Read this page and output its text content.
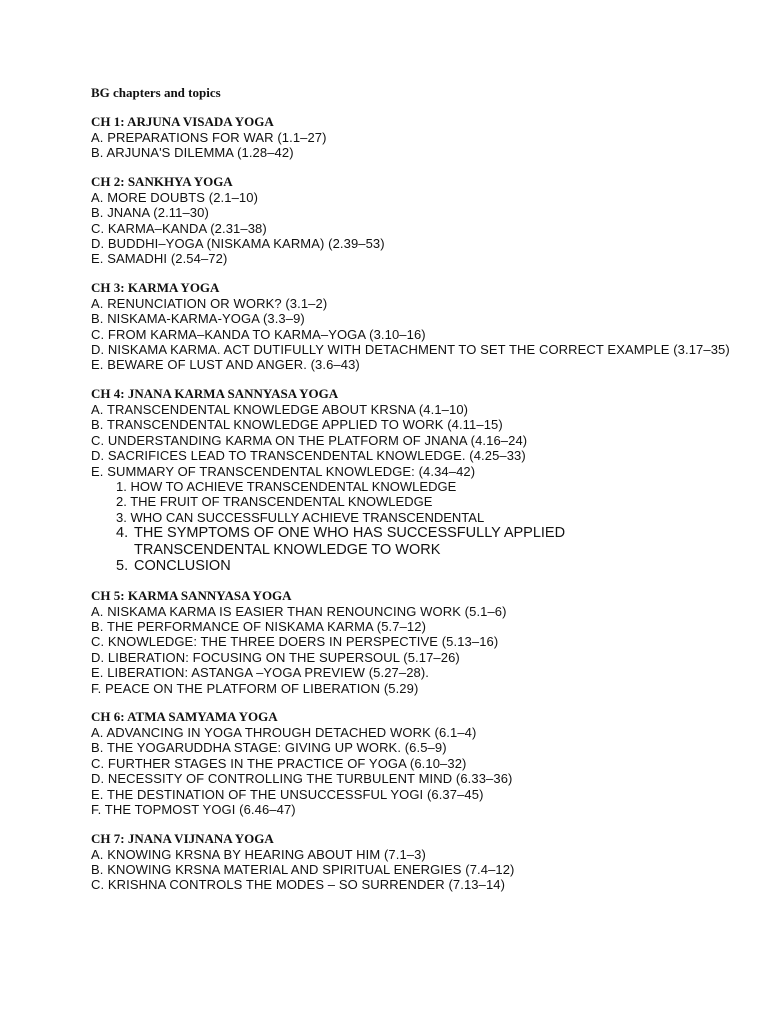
BG chapters and topics

CH 1: ARJUNA VISADA YOGA

A. PREPARATIONS FOR WAR (1.1–27)

B. ARJUNA'S DILEMMA (1.28–42)

CH 2: SANKHYA YOGA

A. MORE DOUBTS (2.1–10)

B. JNANA (2.11–30)

C. KARMA–KANDA (2.31–38)

D. BUDDHI–YOGA (NISKAMA KARMA) (2.39–53)

E. SAMADHI (2.54–72)

CH 3: KARMA YOGA

A. RENUNCIATION OR WORK? (3.1–2)

B. NISKAMA-KARMA-YOGA (3.3–9)

C. FROM KARMA–KANDA TO KARMA–YOGA (3.10–16)

D. NISKAMA KARMA. ACT DUTIFULLY WITH DETACHMENT TO SET THE CORRECT EXAMPLE (3.17–35)

E. BEWARE OF LUST AND ANGER. (3.6–43)

CH 4: JNANA KARMA SANNYASA YOGA

A. TRANSCENDENTAL KNOWLEDGE ABOUT KRSNA (4.1–10)

B. TRANSCENDENTAL KNOWLEDGE APPLIED TO WORK (4.11–15)

C. UNDERSTANDING KARMA ON THE PLATFORM OF JNANA (4.16–24)

D. SACRIFICES LEAD TO TRANSCENDENTAL KNOWLEDGE. (4.25–33)

E. SUMMARY OF TRANSCENDENTAL KNOWLEDGE: (4.34–42)

1. HOW TO ACHIEVE TRANSCENDENTAL KNOWLEDGE

2. THE FRUIT OF TRANSCENDENTAL KNOWLEDGE

3. WHO CAN SUCCESSFULLY ACHIEVE TRANSCENDENTAL

4. THE SYMPTOMS OF ONE WHO HAS SUCCESSFULLY APPLIED
TRANSCENDENTAL KNOWLEDGE TO WORK

5. CONCLUSION

CH 5: KARMA SANNYASA YOGA

A. NISKAMA KARMA IS EASIER THAN RENOUNCING WORK (5.1–6)

B. THE PERFORMANCE OF NISKAMA KARMA (5.7–12)

C. KNOWLEDGE: THE THREE DOERS IN PERSPECTIVE (5.13–16)

D. LIBERATION: FOCUSING ON THE SUPERSOUL (5.17–26)

E. LIBERATION: ASTANGA –YOGA PREVIEW (5.27–28).

F. PEACE ON THE PLATFORM OF LIBERATION (5.29)

CH 6: ATMA SAMYAMA YOGA

A. ADVANCING IN YOGA THROUGH DETACHED WORK (6.1–4)

B. THE YOGARUDDHA STAGE: GIVING UP WORK. (6.5–9)

C. FURTHER STAGES IN THE PRACTICE OF YOGA (6.10–32)

D. NECESSITY OF CONTROLLING THE TURBULENT MIND (6.33–36)

E. THE DESTINATION OF THE UNSUCCESSFUL YOGI (6.37–45)

F. THE TOPMOST YOGI (6.46–47)

CH 7: JNANA VIJNANA YOGA

A. KNOWING KRSNA BY HEARING ABOUT HIM (7.1–3)

B. KNOWING KRSNA MATERIAL AND SPIRITUAL ENERGIES (7.4–12)

C. KRISHNA CONTROLS THE MODES – SO SURRENDER (7.13–14)
